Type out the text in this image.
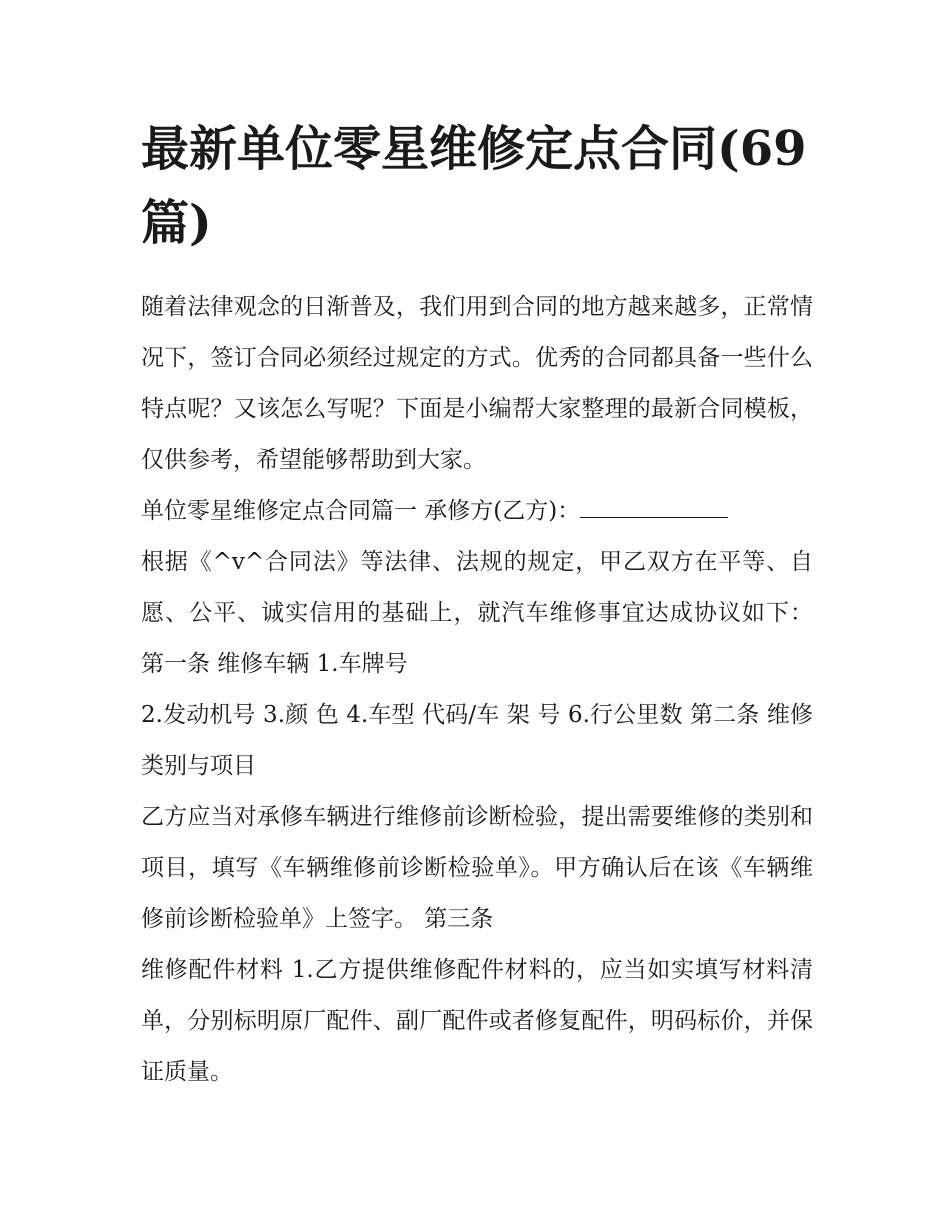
最新单位零星维修定点合同(69篇)

随着法律观念的日渐普及，我们用到合同的地方越来越多，正常情况下，签订合同必须经过规定的方式。优秀的合同都具备一些什么特点呢？又该怎么写呢？下面是小编帮大家整理的最新合同模板，仅供参考，希望能够帮助到大家。

单位零星维修定点合同篇一 承修方(乙方)：

根据《^v^合同法》等法律、法规的规定，甲乙双方在平等、自愿、公平、诚实信用的基础上，就汽车维修事宜达成协议如下： 第一条 维修车辆 1.车牌号

2.发动机号 3.颜 色 4.车型 代码/车 架 号 6.行公里数 第二条 维修类别与项目

乙方应当对承修车辆进行维修前诊断检验，提出需要维修的类别和项目，填写《车辆维修前诊断检验单》。甲方确认后在该《车辆维修前诊断检验单》上签字。 第三条

维修配件材料 1.乙方提供维修配件材料的，应当如实填写材料清单，分别标明原厂配件、副厂配件或者修复配件，明码标价，并保证质量。
